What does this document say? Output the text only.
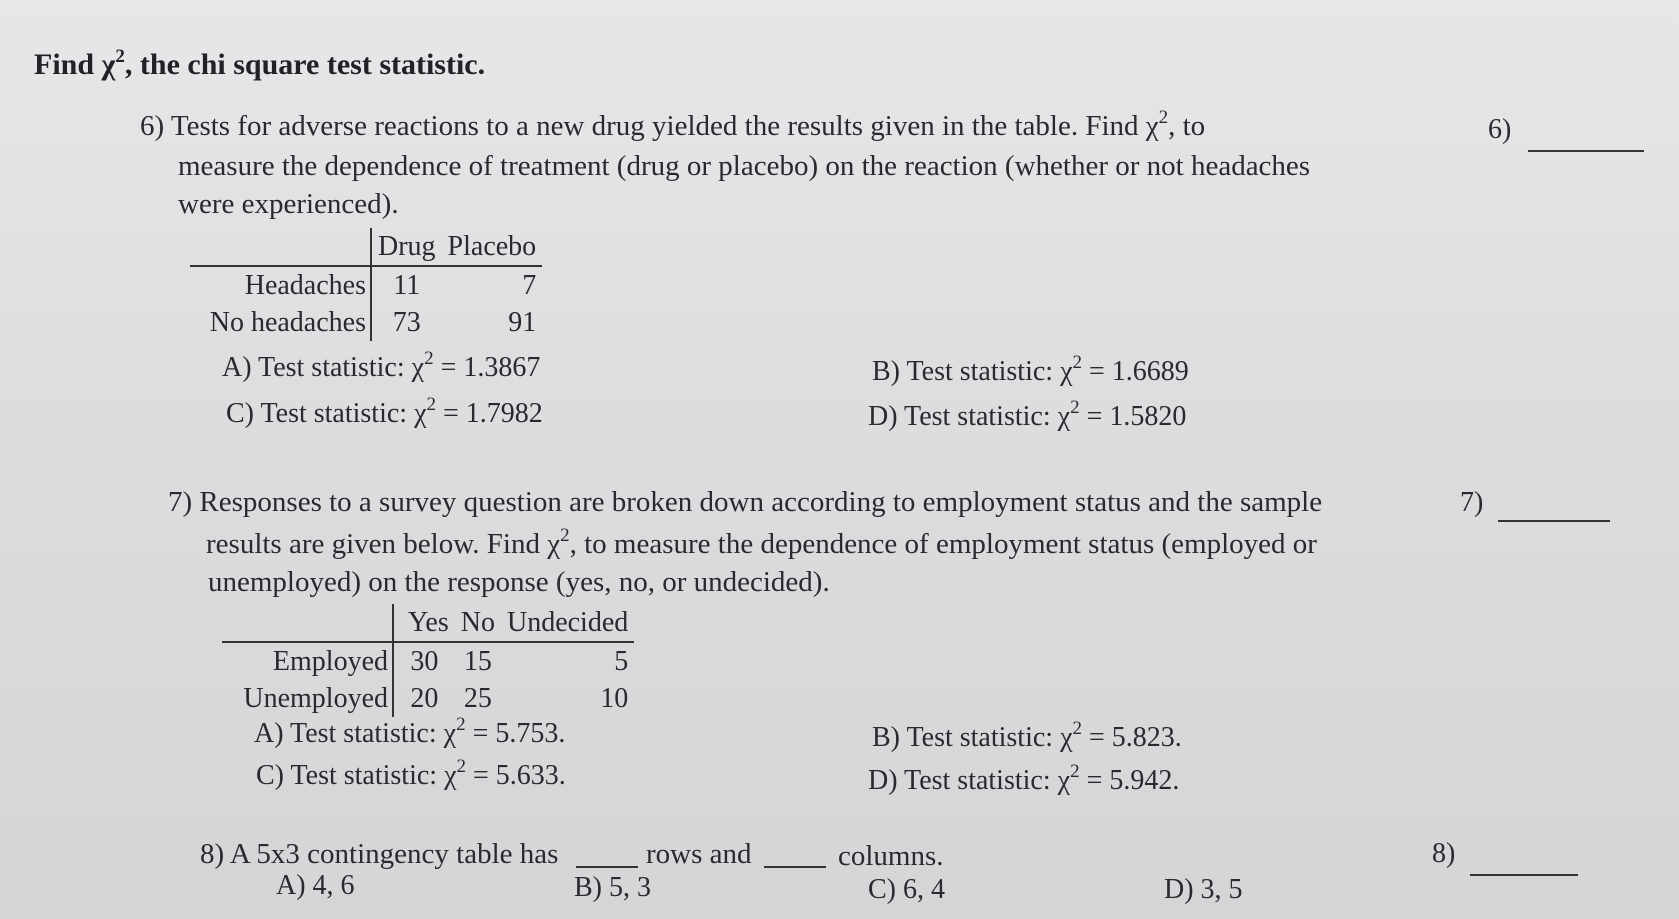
Find $\chi^2$, the chi square test statistic.
6) Tests for adverse reactions to a new drug yielded the results given in the table. Find $\chi^2$, to
measure the dependence of treatment (drug or placebo) on the reaction (whether or not headaches
were experienced).
6)
	Drug	Placebo
Headaches	11	7
No headaches	73	91
A) Test statistic: $\chi^2 = 1.3867$	B) Test statistic: $\chi^2 = 1.6689$
C) Test statistic: $\chi^2 = 1.7982$	D) Test statistic: $\chi^2 = 1.5820$
7) Responses to a survey question are broken down according to employment status and the sample
results are given below. Find $\chi^2$, to measure the dependence of employment status (employed or
unemployed) on the response (yes, no, or undecided).
7)
	Yes	No	Undecided
Employed	30	15	5
Unemployed	20	25	10
A) Test statistic: $\chi^2 = 5.753$.	B) Test statistic: $\chi^2 = 5.823$.
C) Test statistic: $\chi^2 = 5.633$.	D) Test statistic: $\chi^2 = 5.942$.
8) A 5x3 contingency table has	rows and	columns.	8)
A) 4, 6	B) 5, 3	C) 6, 4	D) 3, 5
